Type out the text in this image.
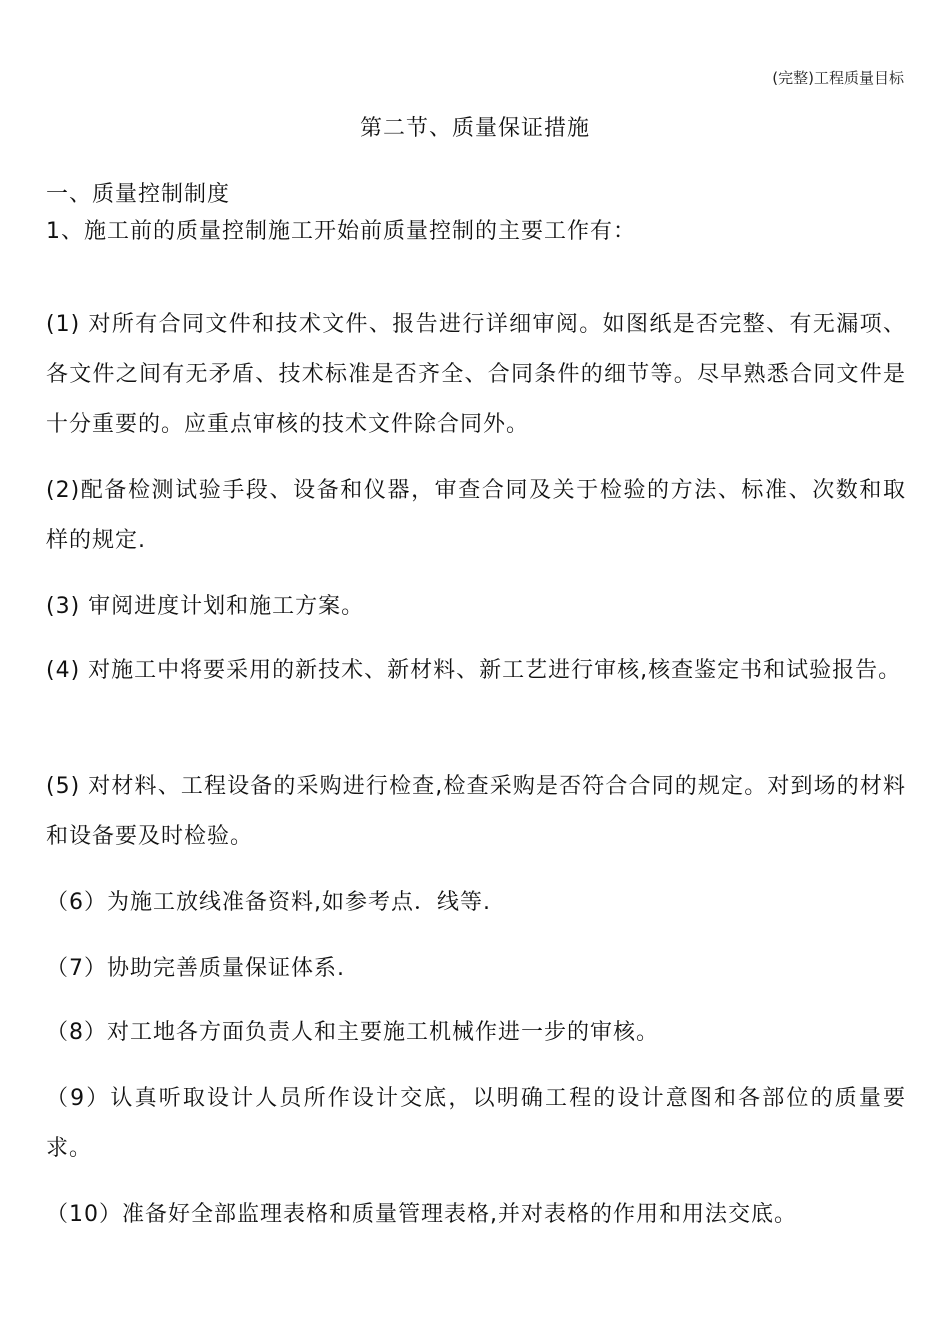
(完整)工程质量目标
第二节、质量保证措施
一、质量控制制度
1、施工前的质量控制施工开始前质量控制的主要工作有：

(1) 对所有合同文件和技术文件、报告进行详细审阅。如图纸是否完整、有无漏项、各文件之间有无矛盾、技术标准是否齐全、合同条件的细节等。尽早熟悉合同文件是十分重要的。应重点审核的技术文件除合同外。

(2)配备检测试验手段、设备和仪器，审查合同及关于检验的方法、标准、次数和取样的规定.

(3) 审阅进度计划和施工方案。

(4) 对施工中将要采用的新技术、新材料、新工艺进行审核,核查鉴定书和试验报告。

(5) 对材料、工程设备的采购进行检查,检查采购是否符合合同的规定。对到场的材料和设备要及时检验。

（6）为施工放线准备资料,如参考点．线等.

（7）协助完善质量保证体系.

（8）对工地各方面负责人和主要施工机械作进一步的审核。

（9）认真听取设计人员所作设计交底，以明确工程的设计意图和各部位的质量要求。

（10）准备好全部监理表格和质量管理表格,并对表格的作用和用法交底。
